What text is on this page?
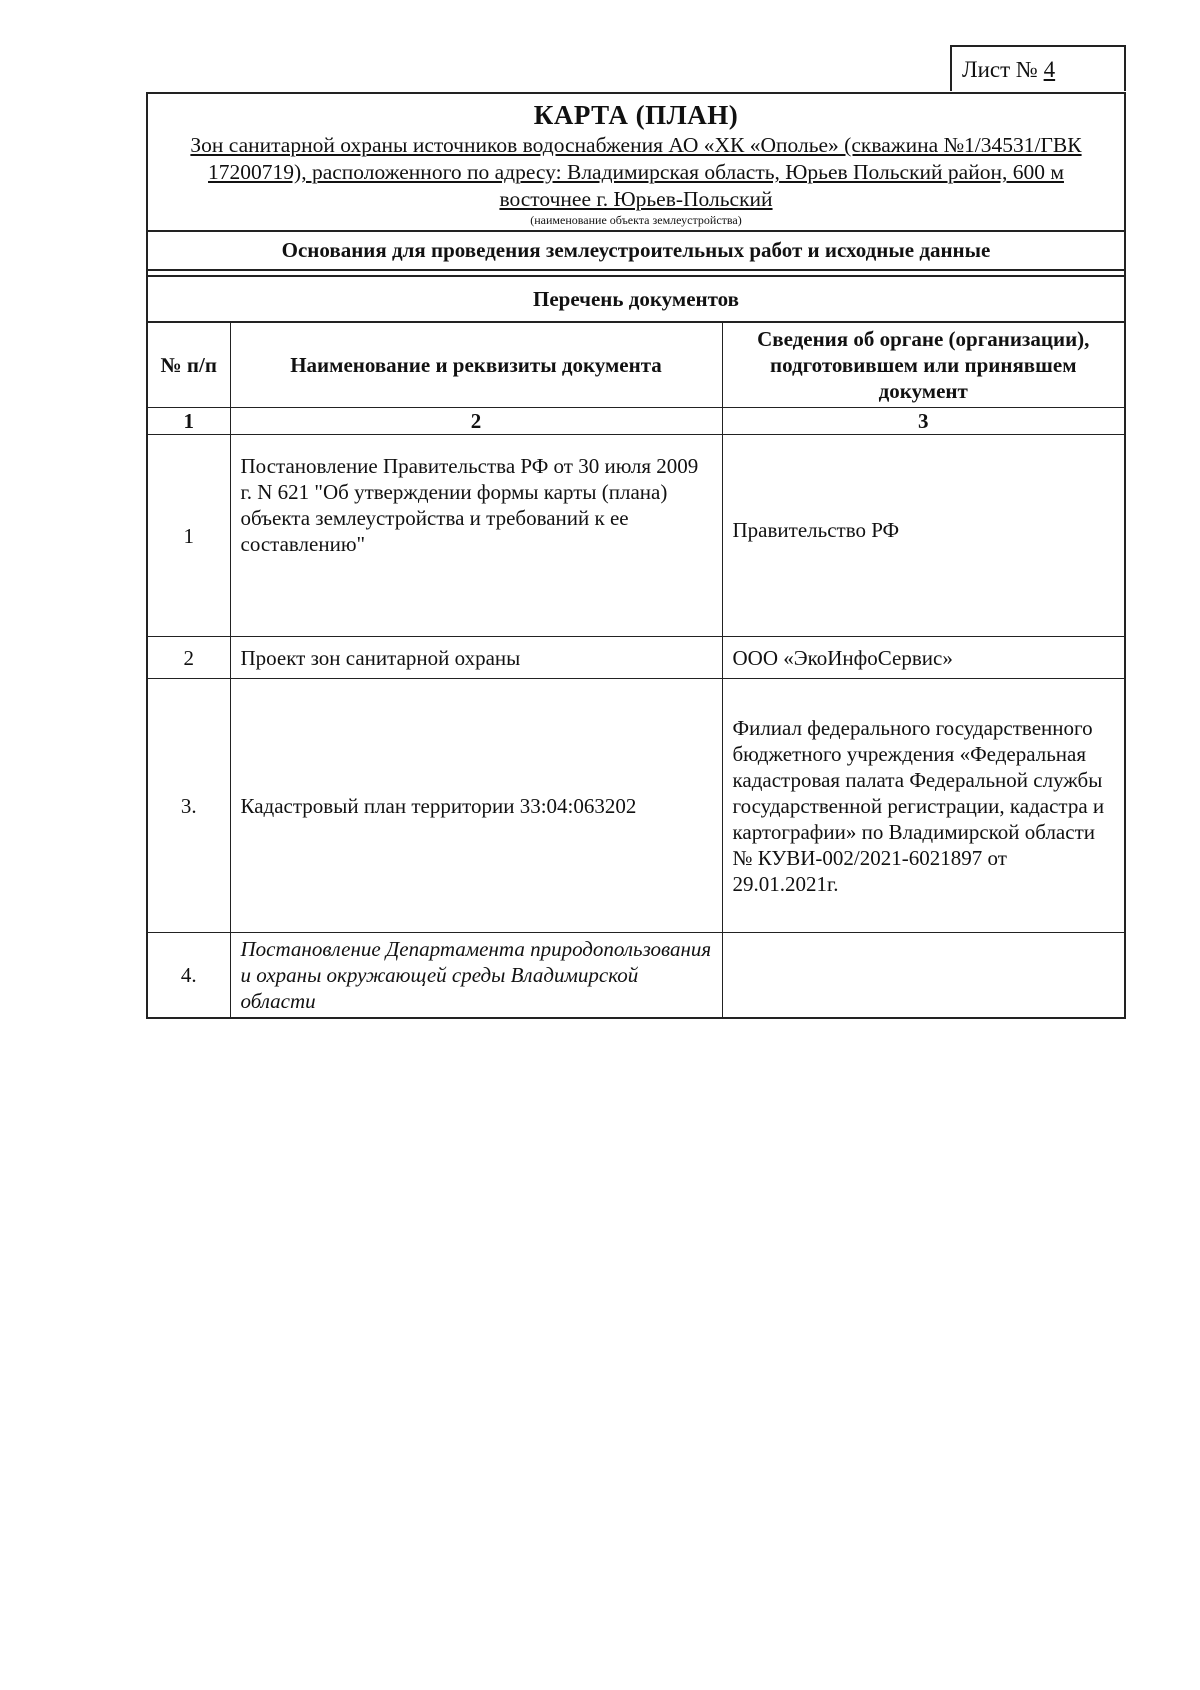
Лист № 4
КАРТА (ПЛАН)
Зон санитарной охраны источников водоснабжения АО «ХК «Ополье» (скважина №1/34531/ГВК 17200719), расположенного по адресу: Владимирская область, Юрьев Польский район, 600 м восточнее г. Юрьев-Польский
(наименование объекта землеустройства)
Основания для проведения землеустроительных работ и исходные данные
Перечень документов
№ п/п	Наименование и реквизиты документа	Сведения об органе (организации), подготовившем или принявшем документ
1	2	3
1	Постановление Правительства РФ от 30 июля 2009 г. N 621 "Об утверждении формы карты (плана) объекта землеустройства и требований к ее составлению"	Правительство РФ
2	Проект зон санитарной охраны	ООО «ЭкоИнфоСервис»
3.	Кадастровый план территории 33:04:063202	Филиал федерального государственного бюджетного учреждения «Федеральная кадастровая палата Федеральной службы государственной регистрации, кадастра и картографии» по Владимирской области № КУВИ-002/2021-6021897 от 29.01.2021г.
4.	Постановление Департамента природопользования и охраны окружающей среды Владимирской области	
